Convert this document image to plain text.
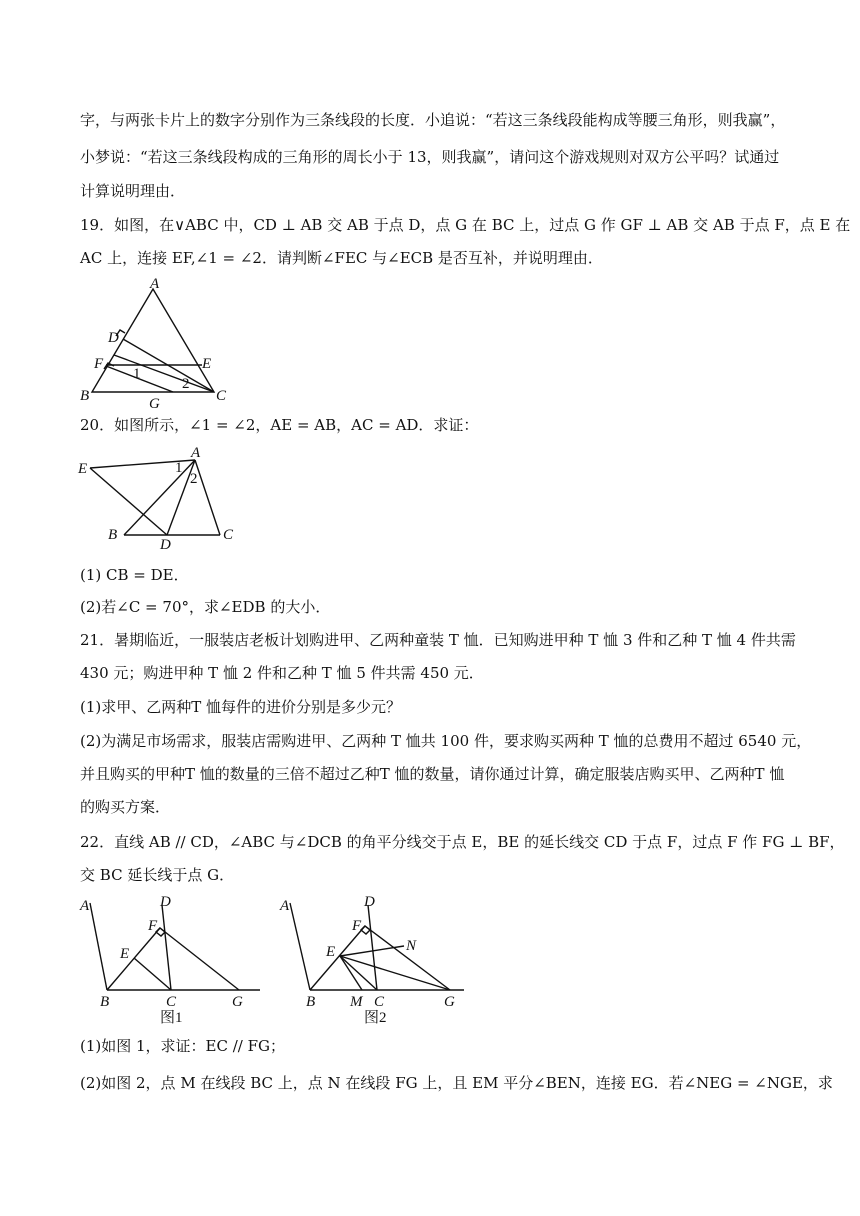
字，与两张卡片上的数字分别作为三条线段的长度．小追说：“若这三条线段能构成等腰三角形，则我赢”，
小梦说：“若这三条线段构成的三角形的周长小于 13，则我赢”，请问这个游戏规则对双方公平吗？试通过
计算说明理由．
19．如图，在∨ABC 中，CD ⊥ AB 交 AB 于点 D，点 G 在 BC 上，过点 G 作 GF ⊥ AB 交 AB 于点 F，点 E 在
AC 上，连接 EF,∠1 = ∠2．请判断∠FEC 与∠ECB 是否互补，并说明理由．
A
D
F	E
B	G	C
1
2
20．如图所示，∠1 = ∠2，AE = AB，AC = AD．求证：
E
A
B
D
C
1
2
(1) CB = DE．
(2)若∠C = 70°，求∠EDB 的大小．
21．暑期临近，一服装店老板计划购进甲、乙两种童装 T 恤．已知购进甲种 T 恤 3 件和乙种 T 恤 4 件共需
430 元；购进甲种 T 恤 2 件和乙种 T 恤 5 件共需 450 元．
(1)求甲、乙两种T 恤每件的进价分别是多少元？
(2)为满足市场需求，服装店需购进甲、乙两种 T 恤共 100 件，要求购买两种 T 恤的总费用不超过 6540 元，
并且购买的甲种T 恤的数量的三倍不超过乙种T 恤的数量，请你通过计算，确定服装店购买甲、乙两种T 恤
的购买方案．
22．直线 AB // CD，∠ABC 与∠DCB 的角平分线交于点 E，BE 的延长线交 CD 于点 F，过点 F 作 FG ⊥ BF，
交 BC 延长线于点 G．
A	D
F
E
B	C	G
图1
A	D
F
N
E
B M C	G
图2
(1)如图 1，求证：EC // FG；
(2)如图 2，点 M 在线段 BC 上，点 N 在线段 FG 上，且 EM 平分∠BEN，连接 EG．若∠NEG = ∠NGE，求
